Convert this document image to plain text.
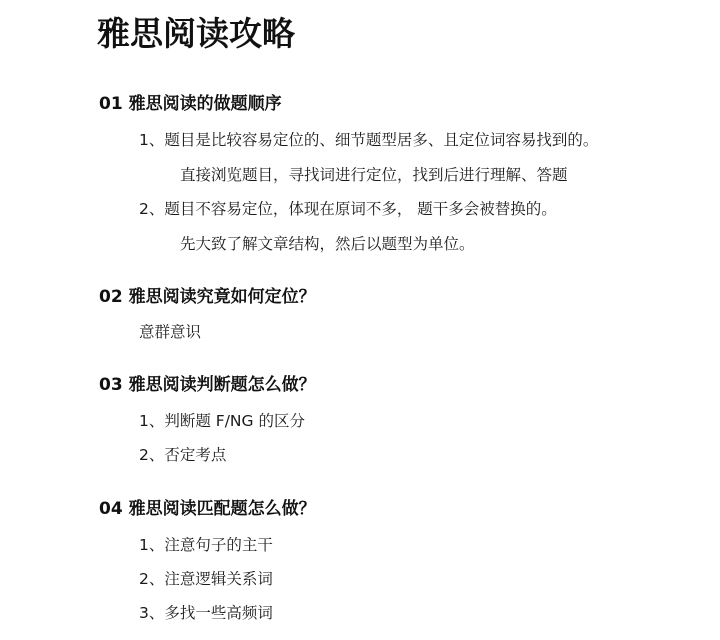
雅思阅读攻略
01 雅思阅读的做题顺序
1、题目是比较容易定位的、细节题型居多、且定位词容易找到的。
直接浏览题目，寻找词进行定位，找到后进行理解、答题
2、题目不容易定位，体现在原词不多， 题干多会被替换的。
先大致了解文章结构，然后以题型为单位。
02 雅思阅读究竟如何定位？
意群意识
03 雅思阅读判断题怎么做？
1、判断题 F/NG 的区分
2、否定考点
04 雅思阅读匹配题怎么做？
1、注意句子的主干
2、注意逻辑关系词
3、多找一些高频词
